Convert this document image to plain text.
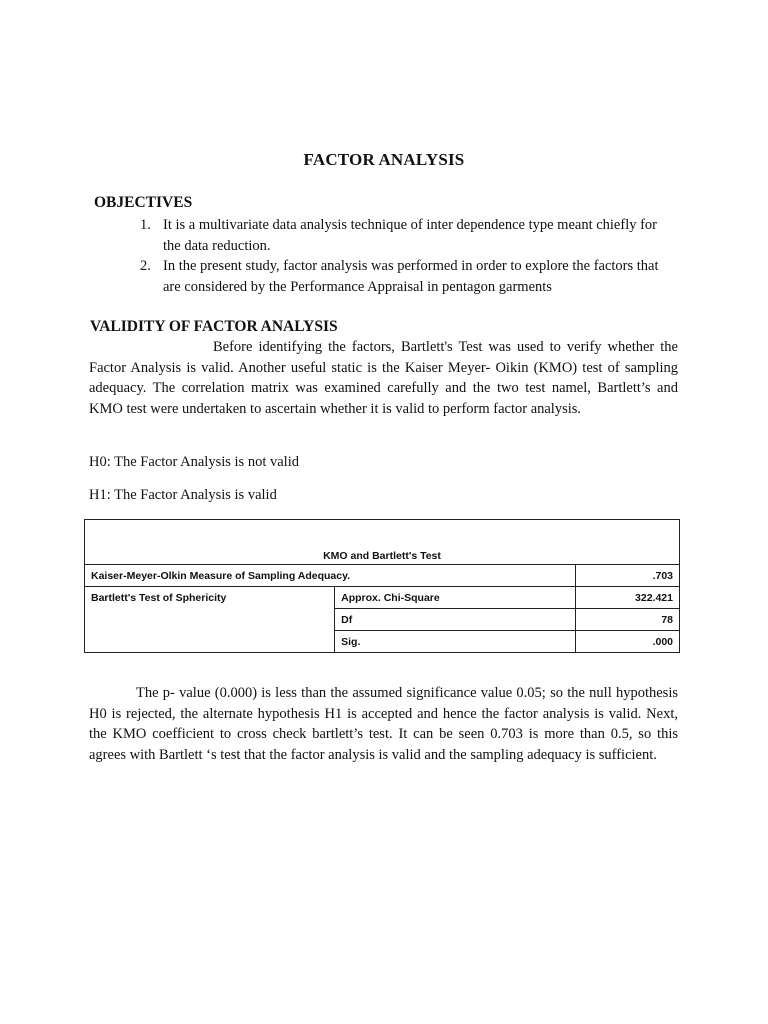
FACTOR ANALYSIS
OBJECTIVES
1. It is a multivariate data analysis technique of inter dependence type meant chiefly for the data reduction.
2. In the present study, factor analysis was performed in order to explore the factors that are considered by the Performance Appraisal in pentagon garments
VALIDITY OF FACTOR ANALYSIS
Before identifying the factors, Bartlett's Test was used to verify whether the Factor Analysis is valid. Another useful static is the Kaiser Meyer- Oikin (KMO) test of sampling adequacy. The correlation matrix was examined carefully and the two test namel, Bartlett’s and KMO test were undertaken to ascertain whether it is valid to perform factor analysis.
H0: The Factor Analysis is not valid
H1: The Factor Analysis is valid
KMO and Bartlett's Test		
Kaiser-Meyer-Olkin Measure of Sampling Adequacy.		.703
Bartlett's Test of Sphericity	Approx. Chi-Square	322.421
	Df	78
	Sig.	.000
The p- value (0.000) is less than the assumed significance value 0.05; so the null hypothesis H0 is rejected, the alternate hypothesis H1 is accepted and hence the factor analysis is valid. Next, the KMO coefficient to cross check bartlett’s test. It can be seen 0.703 is more than 0.5, so this agrees with Bartlett ‘s test that the factor analysis is valid and the sampling adequacy is sufficient.
